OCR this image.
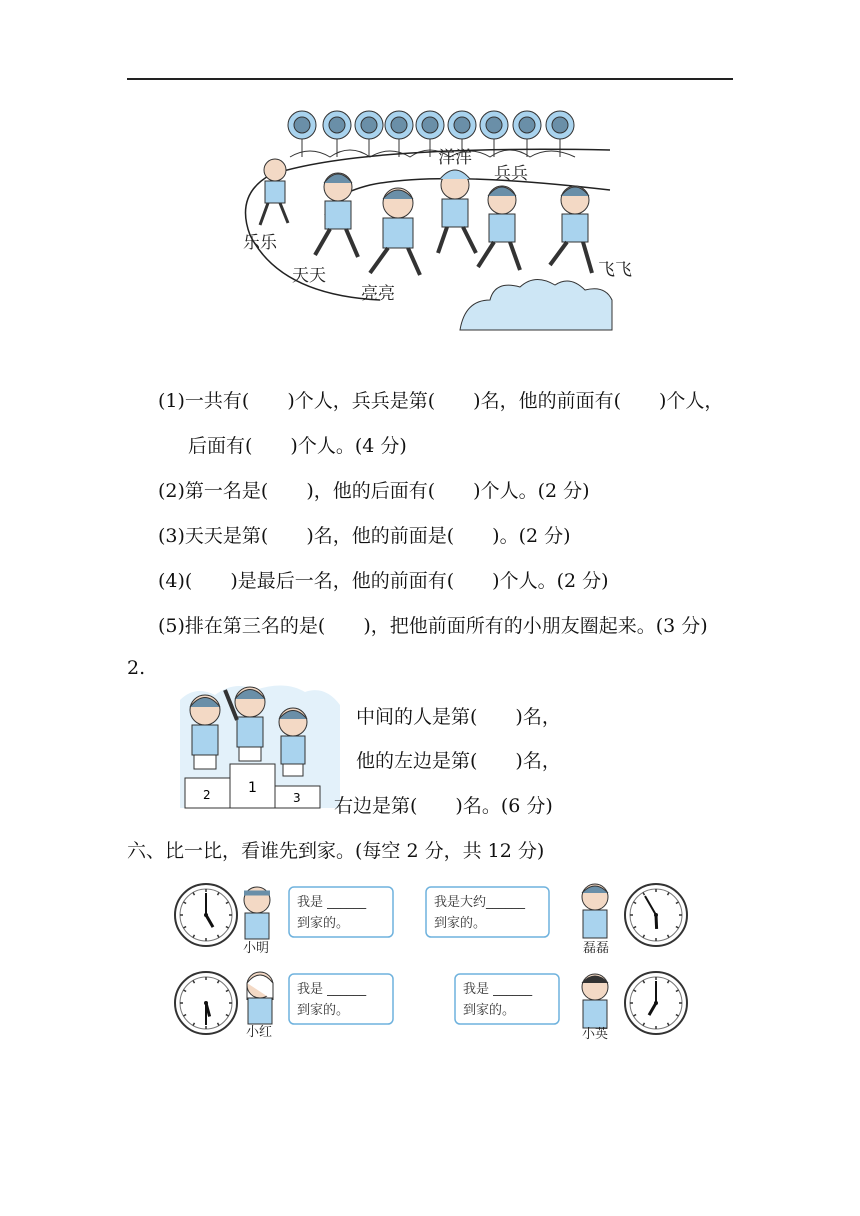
乐乐
天天
亮亮
洋洋
兵兵
飞飞
(1)一共有(　　)个人，兵兵是第(　　)名，他的前面有(　　)个人，
后面有(　　)个人。(4 分)
(2)第一名是(　　)，他的后面有(　　)个人。(2 分)
(3)天天是第(　　)名，他的前面是(　　)。(2 分)
(4)(　　)是最后一名，他的前面有(　　)个人。(2 分)
(5)排在第三名的是(　　)，把他前面所有的小朋友圈起来。(3 分)
2.
2	1
3
中间的人是第(　　)名，
他的左边是第(　　)名，
右边是第(　　)名。(6 分)
六、比一比，看谁先到家。(每空 2 分，共 12 分)
小明
我是 ______
到家的。
我是大约______
到家的。
磊磊
小红
我是 ______
到家的。
我是 ______
到家的。
小英
